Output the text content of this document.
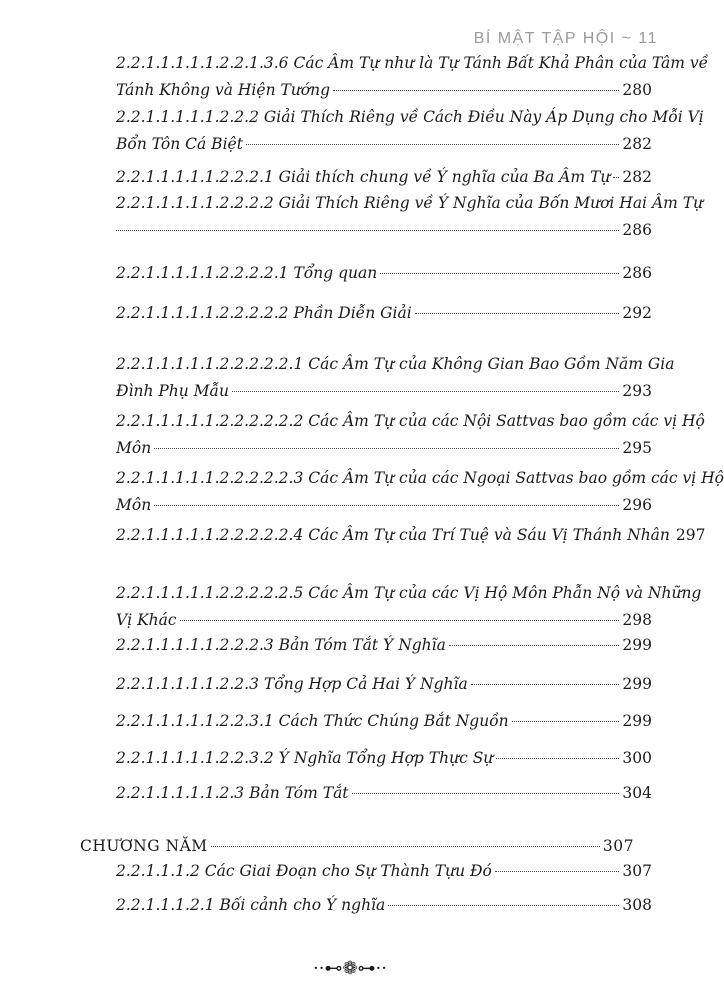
BÍ MẬT TẬP HỘI ~ 11
2.2.1.1.1.1.1.2.2.1.3.6 Các Âm Tự như là Tự Tánh Bất Khả Phân của Tâm về
Tánh Không và Hiện Tướng	280
2.2.1.1.1.1.1.2.2.2 Giải Thích Riêng về Cách Điều Này Áp Dụng cho Mỗi Vị
Bổn Tôn Cá Biệt	282
2.2.1.1.1.1.1.2.2.2.1 Giải thích chung về Ý nghĩa của Ba Âm Tự 282
2.2.1.1.1.1.1.2.2.2.2 Giải Thích Riêng về Ý Nghĩa của Bốn Mươi Hai Âm Tự
286
2.2.1.1.1.1.1.2.2.2.2.1 Tổng quan	286
2.2.1.1.1.1.1.2.2.2.2.2 Phần Diễn Giải	292
2.2.1.1.1.1.1.2.2.2.2.2.1 Các Âm Tự của Không Gian Bao Gồm Năm Gia
Đình Phụ Mẫu	293
2.2.1.1.1.1.1.2.2.2.2.2.2 Các Âm Tự của các Nội Sattvas bao gồm các vị Hộ
Môn	295
2.2.1.1.1.1.1.2.2.2.2.2.3 Các Âm Tự của các Ngoại Sattvas bao gồm các vị Hộ
Môn	296
2.2.1.1.1.1.1.2.2.2.2.2.4 Các Âm Tự của Trí Tuệ và Sáu Vị Thánh Nhân 297
2.2.1.1.1.1.1.2.2.2.2.2.5 Các Âm Tự của các Vị Hộ Môn Phẫn Nộ và Những
Vị Khác	298
2.2.1.1.1.1.1.2.2.2.3 Bản Tóm Tắt Ý Nghĩa	299
2.2.1.1.1.1.1.2.2.3 Tổng Hợp Cả Hai Ý Nghĩa	299
2.2.1.1.1.1.1.2.2.3.1 Cách Thức Chúng Bắt Nguồn	299
2.2.1.1.1.1.1.2.2.3.2 Ý Nghĩa Tổng Hợp Thực Sự	300
2.2.1.1.1.1.1.2.3 Bản Tóm Tắt	304
CHƯƠNG NĂM	307
2.2.1.1.1.2 Các Giai Đoạn cho Sự Thành Tựu Đó	307
2.2.1.1.1.2.1 Bối cảnh cho Ý nghĩa	308
··⊷❁⊶··
